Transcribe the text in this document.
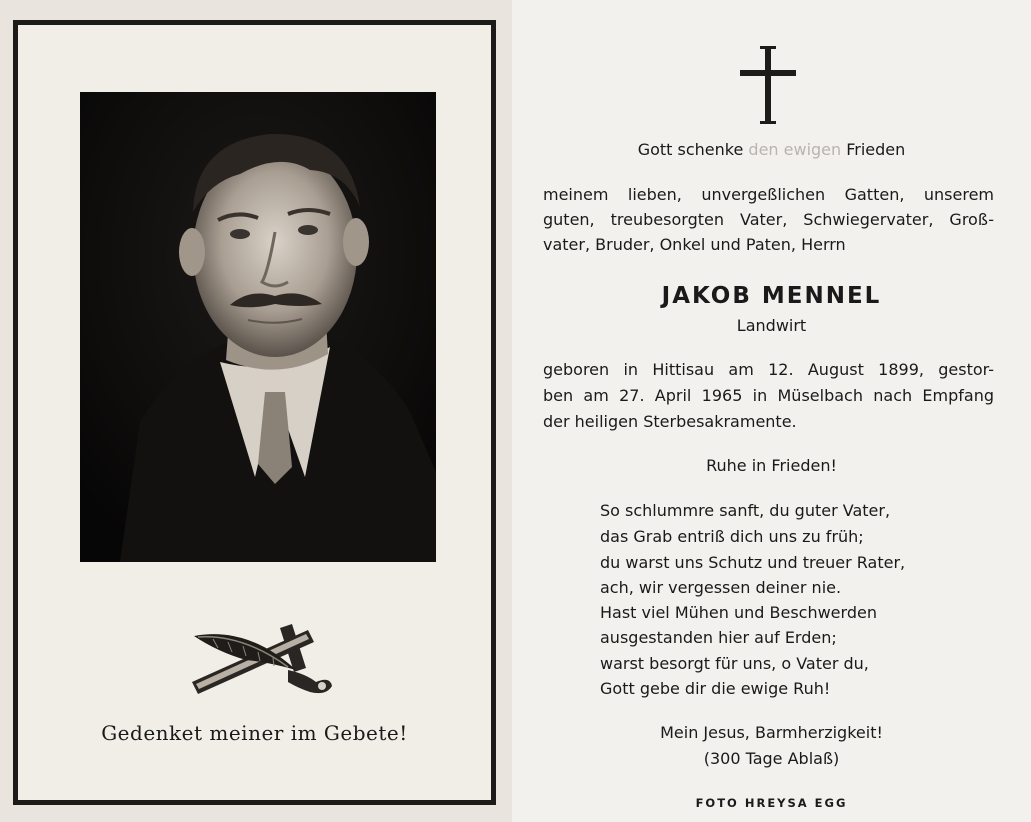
Gedenket meiner im Gebete!
Gott schenke den ewigen Frieden
meinem lieben, unvergeßlichen Gatten, unserem
guten, treubesorgten Vater, Schwiegervater, Groß-
vater, Bruder, Onkel und Paten, Herrn
JAKOB MENNEL
Landwirt
geboren in Hittisau am 12. August 1899, gestor-
ben am 27. April 1965 in Müselbach nach Empfang
der heiligen Sterbesakramente.
Ruhe in Frieden!
So schlummre sanft, du guter Vater,
das Grab entriß dich uns zu früh;
du warst uns Schutz und treuer Rater,
ach, wir vergessen deiner nie.
Hast viel Mühen und Beschwerden
ausgestanden hier auf Erden;
warst besorgt für uns, o Vater du,
Gott gebe dir die ewige Ruh!
Mein Jesus, Barmherzigkeit!
(300 Tage Ablaß)
FOTO HREYSA EGG
